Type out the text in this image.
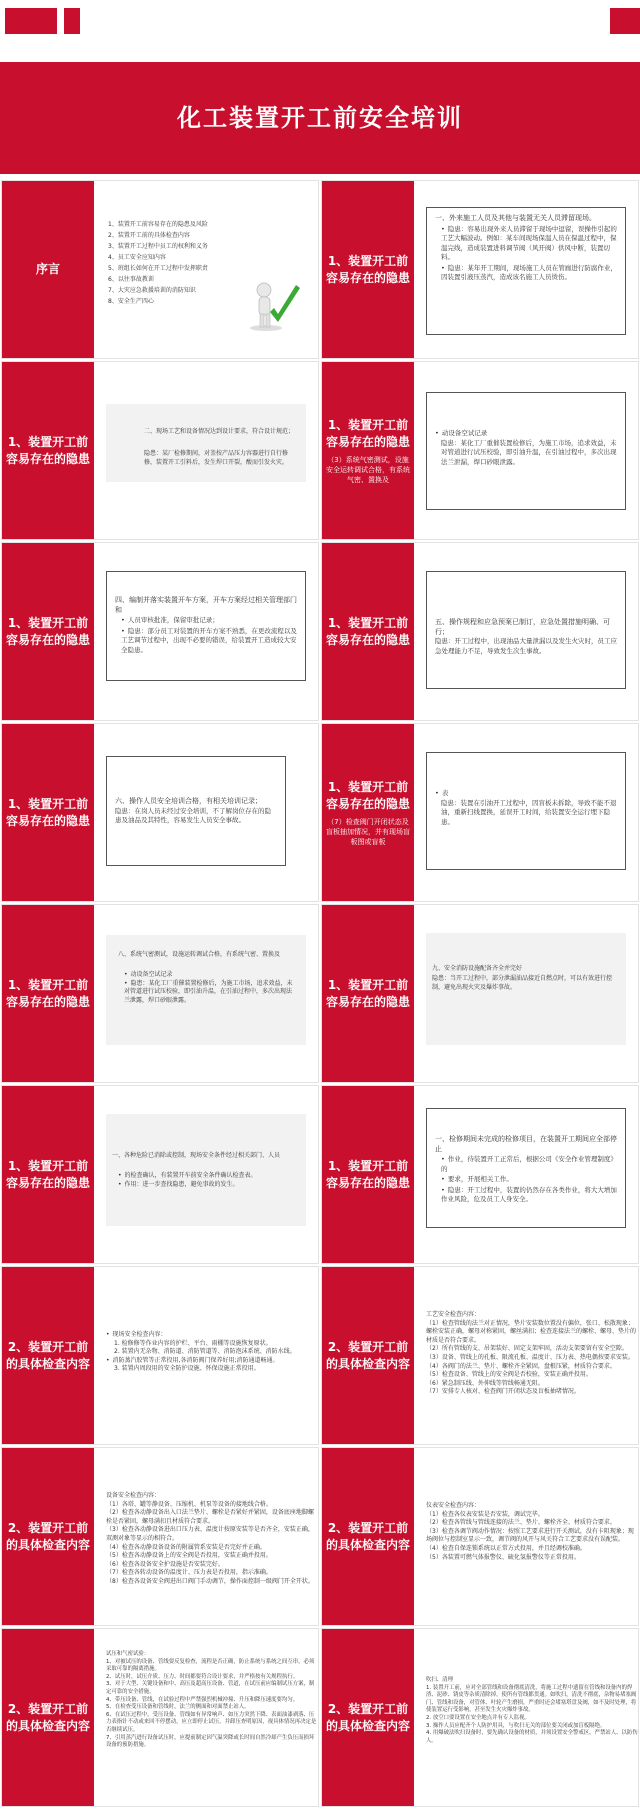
化工装置开工前安全培训
序言
1、装置开工前容易存在的隐患及风险
2、装置开工前的具体检查内容
3、装置开工过程中员工的权利和义务
4、员工安全应知内容
5、班组长如何在开工过程中发挥职责
6、以往事故教训
7、大灾应急救援培训的消防知识
8、安全生产四心
1、装置开工前容易存在的隐患
一、外来施工人员及其他与装置无关人员滞留现场。
• 隐患：容易出现外来人员滞留于现场中逗留，误操作引起的工艺大幅波动。例如：某车间现场保温人员在保温过程中，保温完线，造成装置进料调节阀（风开阀）供风中断，装置切料。
• 隐患：某年开工期间，现场施工人员在管廊进行防腐作业，因装置引液压蒸汽，造成该名施工人员烫伤。
1、装置开工前容易存在的隐患
二、现场工艺和设备情况达到设计要求，符合设计规范；
隐患：某厂检修期间，对釜按产品压力容器进行自行修修，装置开工引料后，发生焊口开裂，酸而引发火灾。
1、装置开工前容易存在的隐患
（3）系统气密测试，设施安全运转调试合格，有系统气密、置换及
• 动设备空试记录
隐患：某化工厂重催装置检修后，为施工市场，追求效益，未对管道进行试压校验，即引油升温，在引油过程中，多次出现法兰泄漏，焊口砂眼泄露。
1、装置开工前容易存在的隐患
四、编制并落实装置开车方案，开车方案经过相关管理部门和
• 人员审核批准，保留审批记录；
• 隐患：部分员工对装置的开车方案不熟悉，在更改流程以及工艺调节过程中，出现不必要的错误，给装置开工造成较大安全隐患。
1、装置开工前容易存在的隐患
五、操作规程和应急预案已制订，应急处置措施明确、可行；
隐患：开工过程中，出现油品大量泄漏以及发生火灾时，员工应急处理能力不足，导致发生次生事故。
1、装置开工前容易存在的隐患
六、操作人员安全培训合格，有相关培训记录；
隐患：在岗人员未经过安全培训，不了解岗位存在的隐患及油品及其特性，容易发生人员安全事故。
1、装置开工前容易存在的隐患
（7）检查阀门开闭状态及盲板抽加情况，并有现场盲板图或盲板
• 表
隐患：装置在引油开工过程中，因盲板未拆除，导致不能不退油，重新扫线置换，延误开工时间，给装置安全运行埋下隐患。
1、装置开工前容易存在的隐患
八、系统气密测试，设施运转调试合格，有系统气密、置换及
• 动设备空试记录
• 隐患：某化工厂重催装置检修后，为施工市场，追求效益，未对管道进行试压校验，即引油升温，在引油过程中，多次出现法兰泄露，焊口砂眼泄露。
1、装置开工前容易存在的隐患
九、安全消防设施配备齐全并完好
隐患：当开工过程中，部分泄漏油品接近自燃点时，可以有效进行控制，避免出现火灾及爆炸事故。
1、装置开工前容易存在的隐患
一、各种危险已消除或控制，现场安全条件经过相关部门、人员
• 的检查确认，有装置开车前安全条件确认检查表。
• 作用：进一步查找隐患，避免事故的发生。
1、装置开工前容易存在的隐患
一、检修期间未完成的检修项目，在装置开工期间应全部停止
• 作业，待装置开工正常后，根据公司《安全作业管理制度》的
• 要求，开展相关工作。
• 隐患：开工过程中，装置的仍然存在各类作业，将大大增加作业风险，危及员工人身安全。
2、装置开工前的具体检查内容
• 现场安全检查内容：
1. 检修修等作业内容的护栏、平台、雨棚等设施恢复原状。
2. 装置内无杂物、消防道、消防管道等、消防泡沫系统、消防水线。
• 消防蒸汽胶管等正常投用,各消防阀门保养好用;消防通道畅通。
3. 装置内周段用的安全防护设施、怀保设施正常投用。
2、装置开工前的具体检查内容
工艺安全检查内容：
（1）检查管线的法兰对正情况，垫片安装数位置没有偏位，张口、松散现象；螺栓安装正确，螺母对称紧固，螺丝满扣；检查连接法兰的螺栓、螺母、垫片的材质是否符合要求。
（2）所有管线的支、吊架装好、固定支架牢固，活动支架要留有安全空隙。
（3）设备、管线上的孔板、限流孔板、温度计、压力表、热电偶按要求安装。
（4）各阀门的法兰、垫片、螺栓齐全紧固，盘根压紧，材质符合要求。
（5）检查设备、管线上的安全阀是否校验，安装正确并投用。
（6）紧急制压线、外伸线等管线畅通无阻。
（7）安排专人核对、检查阀门开闭状态及盲板抽堵情况。
2、装置开工前的具体检查内容
设备安全检查内容：
（1）各塔、罐等静设备、压缩机、机泵等设备的接地线合格。
（2）检查各动静设备出入口法兰垫片、螺栓是否紧好并紧固，设备底座地脚螺栓是否紧固，螺母满扣且材质符合要求。
（3）检查各动静设备进出口压力表、温度计按原安装等是否齐全，安装正确，双测对象等显示的相符合。
（4）检查各动静设备设备的附属管系安装是否完好并正确。
（5）检查各动静设备上的安全阀是否投用，安装正确并投用。
（6）检查各设备安全护设施是否安装完好。
（7）检查各转动设备的温度计、压力表是否投用，指示准确。
（8）检查各设备安全阀进出口阀门手动调节，操作面控制一级阀门开全开状。
2、装置开工前的具体检查内容
仪表安全检查内容：
（1）检查各仪表安装是否安装，调试完毕。
（2）检查各管线与管线连接的法兰、垫片、螺栓齐全、材质符合要求。
（3）检查各调节阀动作情况：按照工艺要求进行开关测试，没有卡阻现象；现场阀位与控制室显示一致，调节阀的风开与风关符合工艺要求没有误配装。
（4）检查自保连锁系统以正常方式投用，并且经调校准确。
（5）各装置可燃气体报警仪、硫化氢报警仪等正常投用。
2、装置开工前的具体检查内容
试压和气密试验：
1、对被试压的设备、管线要反复检查，流程是否正确，防止系统与系统之间互串，必须采取可靠的隔离措施。
2、试压时，试压介质、压力、时间都要符合设计要求，并严格按有关规程执行。
3、对于大型、关键设备和中、高压及超高压设备、管道，在试压前应编制试压方案，制定可靠的安全措施。
4、带压设备、管线，在试验过程中严禁强烈机械冲撞、升压和降压速度要均匀。
5、在检查受压设备和管线时，法兰的侧面和对面禁止站人。
6、在试压过程中，受压设备、管线如有异常响声、如压力突然下降、表面油漆剥落、压力表指针不动或来回不停摆动，应立即停止试压，并卸压查明原因，视具体情况再决定是否继续试压。
7、引用蒸汽进行设备试压时，应提前制定因气温突降或长时间自然冷却产生负压而损坏设备的预防措施。
2、装置开工前的具体检查内容
吹扫、清理
1. 装置开工前，应对全部管线和设备彻底清洗，将施工过程中遗留在管线和设备内的焊渣、泥砂、锈皮等杂质清除掉，使所有管线都贯通。如吹扫，清洗不彻底，杂物易堵塞阀门、管线和设备，对管体、叶轮产生磨损，严重时还会堵塞塔盘及阀，如不及时处理，将使装置运行受影响，甚至发生火灾爆炸事故。
2. 放空口要设置在安全地点并有专人监视。
3. 操作人员应配齐个人防护用具，与吹扫无关的部位要关闭或加盲板隔绝。
4. 用爆破法吹扫设备时，要先确认设备的材质，并须设置安全警戒区，严禁站人、以防伤人。
